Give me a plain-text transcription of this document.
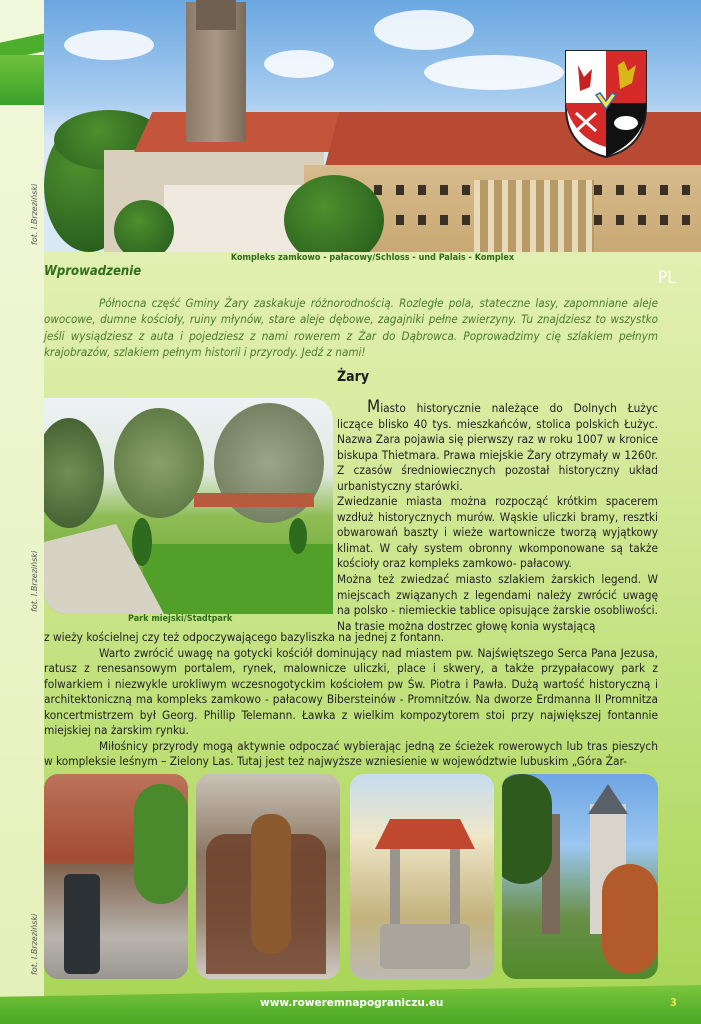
fot. I.Brzeziński
Kompleks zamkowo - pałacowy/Schloss - und Palais - Komplex
Wprowadzenie	PL

Północna część Gminy Żary zaskakuje różnorodnością. Rozległe pola, stateczne lasy, zapomniane aleje owocowe, dumne kościoły, ruiny młynów, stare aleje dębowe, zagajniki pełne zwierzyny. Tu znajdziesz to wszystko jeśli wysiądziesz z auta i pojedziesz z nami rowerem z Żar do Dąbrowca. Poprowadzimy cię szlakiem pełnym krajobrazów, szlakiem pełnym historii i przyrody. Jedź z nami!

Żary
fot. I.Brzeziński
Park miejski/Stadtpark

Miasto historycznie należące do Dolnych Łużyc liczące blisko 40 tys. mieszkańców, stolica polskich Łużyc. Nazwa Zara pojawia się pierwszy raz w roku 1007 w kronice biskupa Thietmara. Prawa miejskie Żary otrzymały w 1260r. Z czasów średniowiecznych pozostał historyczny układ urbanistyczny starówki.

Zwiedzanie miasta można rozpocząć krótkim spacerem wzdłuż historycznych murów. Wąskie uliczki bramy, resztki obwarowań baszty i wieże wartownicze tworzą wyjątkowy klimat. W cały system obronny wkomponowane są także kościoły oraz kompleks zamkowo- pałacowy.

Można też zwiedzać miasto szlakiem żarskich legend. W miejscach związanych z legendami należy zwrócić uwagę na polsko - niemieckie tablice opisujące żarskie osobliwości. Na trasie można dostrzec głowę konia wystającą

z wieży kościelnej czy też odpoczywającego bazyliszka na jednej z fontann.

Warto zwrócić uwagę na gotycki kościół dominujący nad miastem pw. Najświętszego Serca Pana Jezusa, ratusz z renesansowym portalem, rynek, malownicze uliczki, place i skwery, a także przypałacowy park z folwarkiem i niezwykle urokliwym wczesnogotyckim kościołem pw Św. Piotra i Pawła. Dużą wartość historyczną i architektoniczną ma kompleks zamkowo - pałacowy Bibersteinów - Promnitzów. Na dworze Erdmanna II Promnitza koncertmistrzem był Georg. Phillip Telemann. Ławka z wielkim kompozytorem stoi przy największej fontannie miejskiej na żarskim rynku.

Miłośnicy przyrody mogą aktywnie odpoczać wybierając jedną ze ścieżek rowerowych lub tras pieszych w kompleksie leśnym – Zielony Las. Tutaj jest też najwyższe wzniesienie w województwie lubuskim „Góra Żar-

fot. I.Brzeziński
www.roweremnapograniczu.eu	3
